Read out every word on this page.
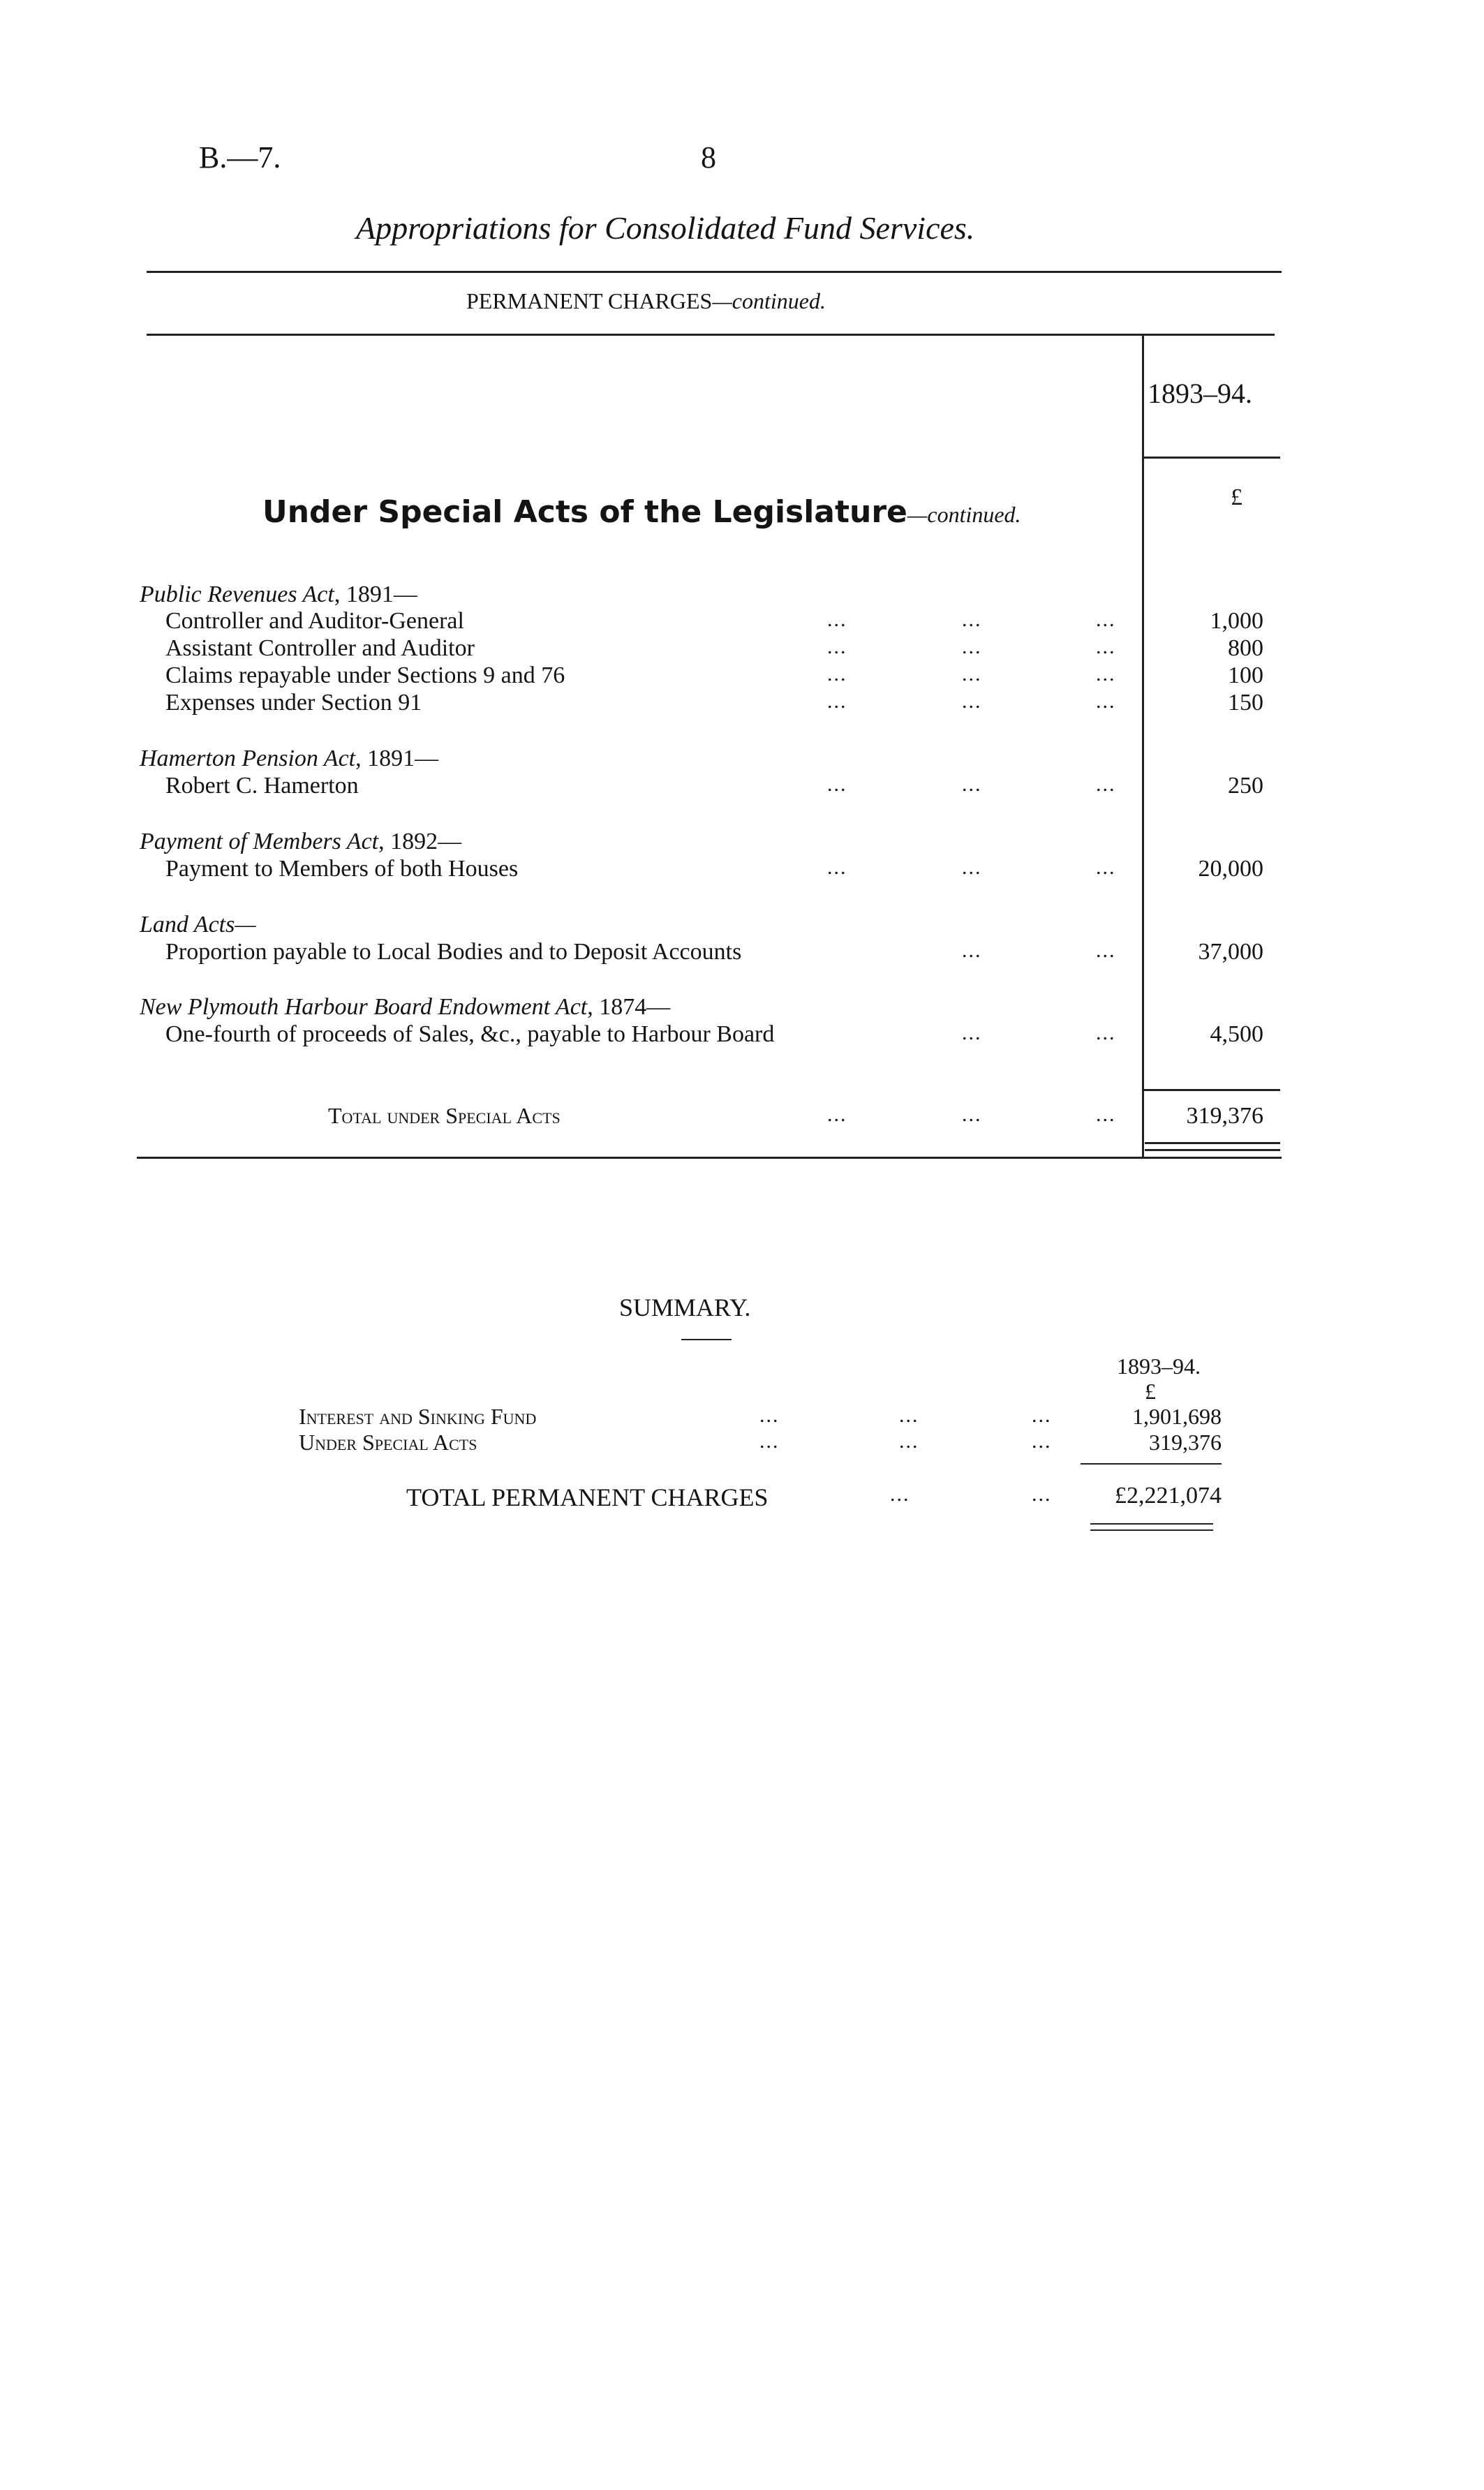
B.—7.	8
Appropriations for Consolidated Fund Services.
PERMANENT CHARGES—continued.
1893–94.
£
Under Special Acts of the Legislature—continued.
Public Revenues Act, 1891—
Controller and Auditor-General	...	...	...	1,000
Assistant Controller and Auditor	...	...	...	800
Claims repayable under Sections 9 and 76	...	...	...	100
Expenses under Section 91	...	...	...	150
Hamerton Pension Act, 1891—
Robert C. Hamerton	...	...	...	250
Payment of Members Act, 1892—
Payment to Members of both Houses	...	...	...	20,000
Land Acts—
Proportion payable to Local Bodies and to Deposit Accounts	...	...	37,000
New Plymouth Harbour Board Endowment Act, 1874—
One-fourth of proceeds of Sales, &c., payable to Harbour Board	...	...	4,500
Total under Special Acts	...	...	...	319,376
SUMMARY.
1893–94.
£
Interest and Sinking Fund	...	...	...	1,901,698
Under Special Acts	...	...	...	319,376
TOTAL PERMANENT CHARGES	...	...	£2,221,074
